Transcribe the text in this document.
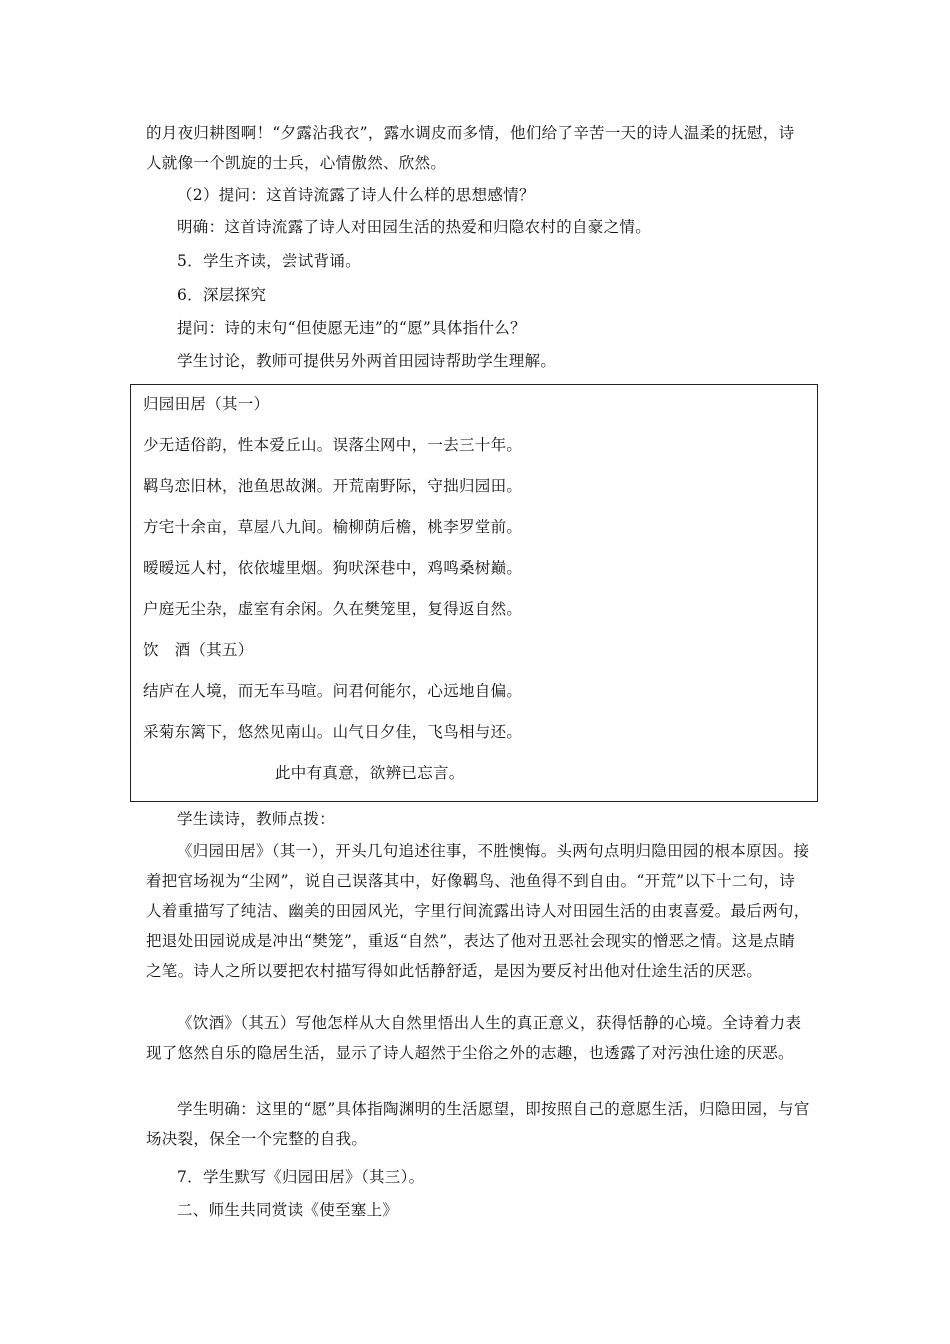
的月夜归耕图啊！“夕露沾我衣”，露水调皮而多情，他们给了辛苦一天的诗人温柔的抚慰，诗人就像一个凯旋的士兵，心情傲然、欣然。

（2）提问：这首诗流露了诗人什么样的思想感情？

明确：这首诗流露了诗人对田园生活的热爱和归隐农村的自豪之情。

5．学生齐读，尝试背诵。

6．深层探究

提问：诗的末句“但使愿无违”的“愿”具体指什么？

学生讨论，教师可提供另外两首田园诗帮助学生理解。

归园田居（其一）

少无适俗韵，性本爱丘山。误落尘网中，一去三十年。

羁鸟恋旧林，池鱼思故渊。开荒南野际，守拙归园田。

方宅十余亩，草屋八九间。榆柳荫后檐，桃李罗堂前。

暧暧远人村，依依墟里烟。狗吠深巷中，鸡鸣桑树巅。

户庭无尘杂，虚室有余闲。久在樊笼里，复得返自然。

饮　酒（其五）

结庐在人境，而无车马喧。问君何能尔，心远地自偏。

采菊东篱下，悠然见南山。山气日夕佳，飞鸟相与还。

此中有真意，欲辨已忘言。

学生读诗，教师点拨：

《归园田居》（其一），开头几句追述往事，不胜懊悔。头两句点明归隐田园的根本原因。接着把官场视为“尘网”，说自己误落其中，好像羁鸟、池鱼得不到自由。“开荒”以下十二句，诗人着重描写了纯洁、幽美的田园风光，字里行间流露出诗人对田园生活的由衷喜爱。最后两句，把退处田园说成是冲出“樊笼”，重返“自然”，表达了他对丑恶社会现实的憎恶之情。这是点睛之笔。诗人之所以要把农村描写得如此恬静舒适，是因为要反衬出他对仕途生活的厌恶。

《饮酒》（其五）写他怎样从大自然里悟出人生的真正意义，获得恬静的心境。全诗着力表现了悠然自乐的隐居生活，显示了诗人超然于尘俗之外的志趣，也透露了对污浊仕途的厌恶。

学生明确：这里的“愿”具体指陶渊明的生活愿望，即按照自己的意愿生活，归隐田园，与官场决裂，保全一个完整的自我。

7．学生默写《归园田居》（其三）。

二、师生共同赏读《使至塞上》
